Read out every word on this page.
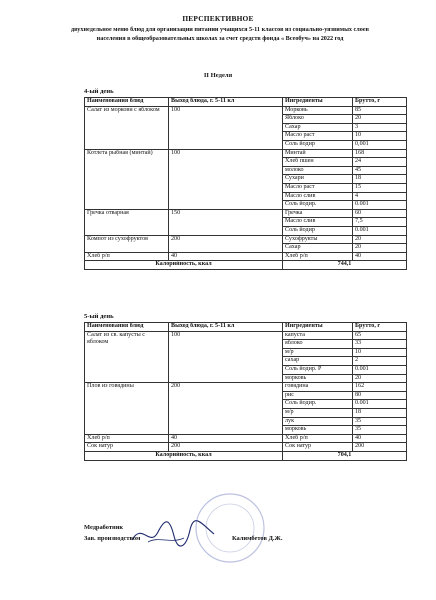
ПЕРСПЕКТИВНОЕ
двухнедельное меню блюд для организации питании учащихся 5-11 классов из социально-уязвимых слоев населения в общеобразовательных школах за счет средств фонда « Всеобуч» на 2022 год
II Неделя
4-ый день
Наименования блюд	Выход блюда, г. 5-11 кл	Ингредиенты	Брутто, г
Салат из моркови с яблоком	100	Морковь	85
		Яблоко	20
		Сахар	3
		Масло раст	10
		Соль йодир	0,001
Котлета рыбная (минтай)	100	Минтай	168
		Хлеб пшен	24
		молоко	45
		Сухари	18
		Масло раст	15
		Масло слив	4
		Соль йодир.	0.001
Гречка отварная	150	Гречка	60
		Масло слив	7,5
		Соль йодир	0.001
Компот из сухофруктов	200	Сухофрукты	20
		Сахар	20
Хлеб р/п	40	Хлеб р/п	40
Калорийность, ккал		744,1	
5-ый день
Наименования блюд	Выход блюда, г. 5-11 кл	Ингредиенты	Брутто, г
Салат из св. капусты с яблоком	100	капуста	65
		яблоко	33
		м/р	10
		сахар	2
		Соль йодир. Р	0.001
		морковь	20
Плов из говядины	200	говядина	162
		рис	80
		Соль йодир.	0.001
		м/р	18
		лук	35
		морковь	35
Хлеб р/п	40	Хлеб р/п	40
Сок натур	200	Сок натур	200
Калорийность, ккал		704,1	
Медработник
Зав. производством	Калимбетов Д.Ж.
